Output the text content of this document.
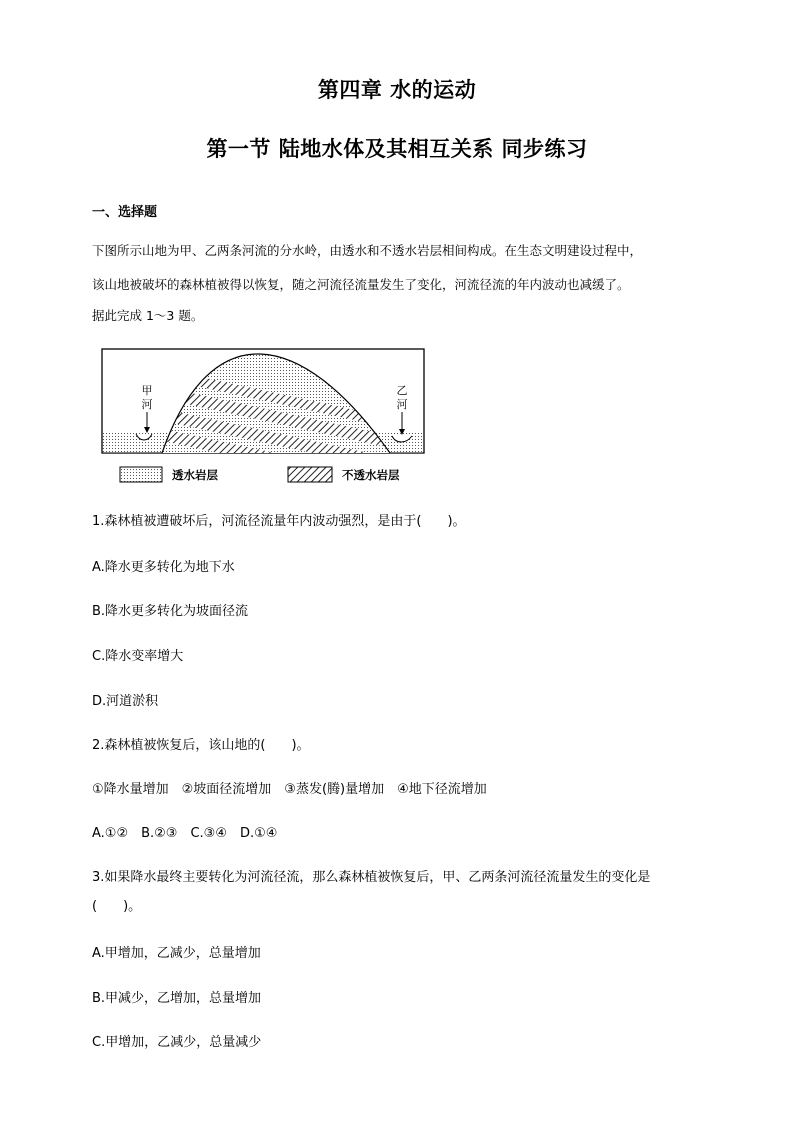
第四章 水的运动
第一节 陆地水体及其相互关系 同步练习
一、选择题
下图所示山地为甲、乙两条河流的分水岭，由透水和不透水岩层相间构成。在生态文明建设过程中，
该山地被破坏的森林植被得以恢复，随之河流径流量发生了变化，河流径流的年内波动也减缓了。
据此完成 1～3 题。
甲
河
乙
河
透水岩层	不透水岩层
1.森林植被遭破坏后，河流径流量年内波动强烈，是由于(　　)。
A.降水更多转化为地下水
B.降水更多转化为坡面径流
C.降水变率增大
D.河道淤积
2.森林植被恢复后，该山地的(　　)。
①降水量增加　②坡面径流增加　③蒸发(腾)量增加　④地下径流增加
A.①②　B.②③　C.③④　D.①④
3.如果降水最终主要转化为河流径流，那么森林植被恢复后，甲、乙两条河流径流量发生的变化是
(　　)。
A.甲增加，乙减少，总量增加
B.甲减少，乙增加，总量增加
C.甲增加，乙减少，总量减少
